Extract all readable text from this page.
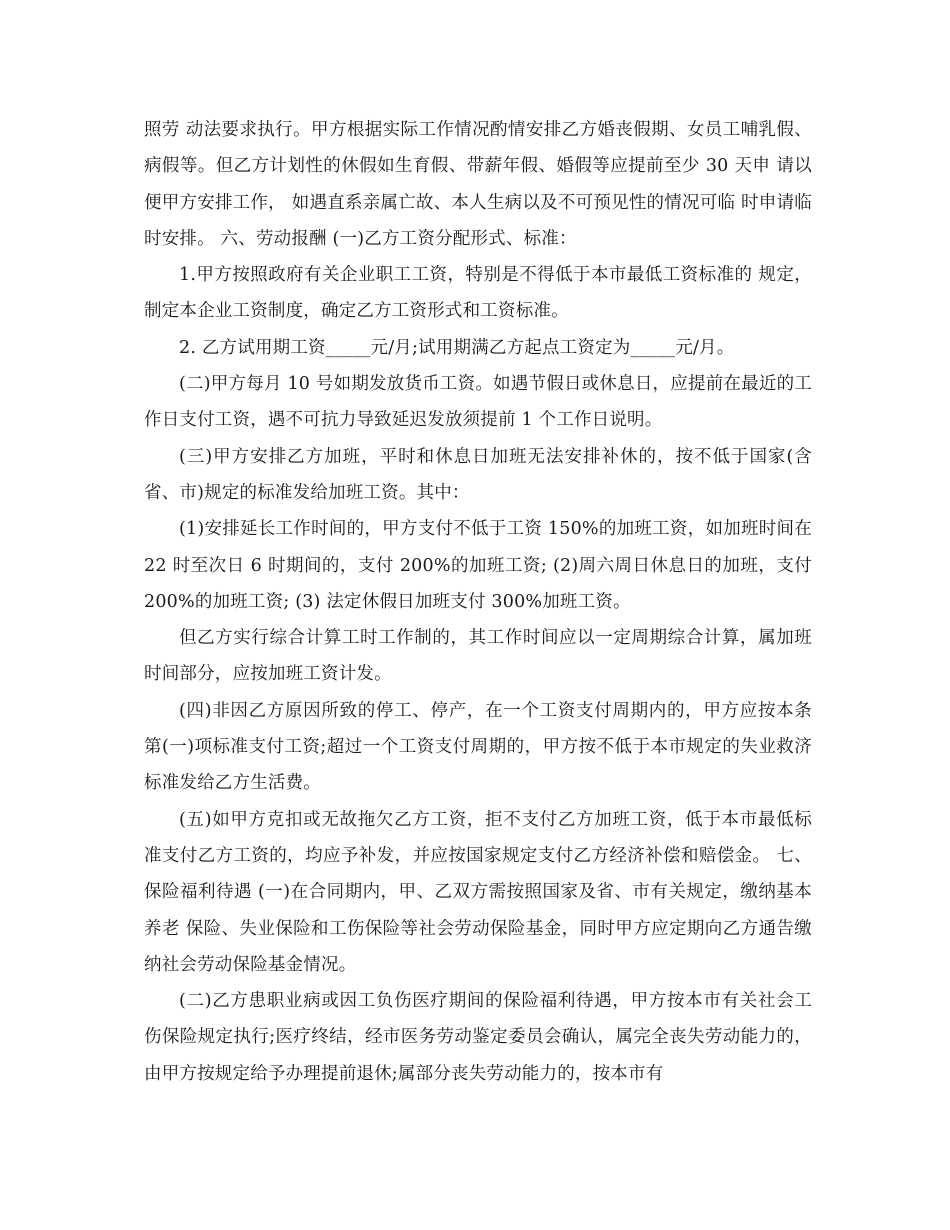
照劳 动法要求执行。甲方根据实际工作情况酌情安排乙方婚丧假期、女员工哺乳假、 病假等。但乙方计划性的休假如生育假、带薪年假、婚假等应提前至少 30 天申 请以便甲方安排工作， 如遇直系亲属亡故、本人生病以及不可预见性的情况可临 时申请临时安排。 六、劳动报酬 (一)乙方工资分配形式、标准：

1.甲方按照政府有关企业职工工资，特别是不得低于本市最低工资标准的 规定，制定本企业工资制度，确定乙方工资形式和工资标准。

2. 乙方试用期工资_____元/月;试用期满乙方起点工资定为_____元/月。

(二)甲方每月 10 号如期发放货币工资。如遇节假日或休息日，应提前在最近的工作日支付工资，遇不可抗力导致延迟发放须提前 1 个工作日说明。

(三)甲方安排乙方加班，平时和休息日加班无法安排补休的，按不低于国家(含省、市)规定的标准发给加班工资。其中：

(1)安排延长工作时间的，甲方支付不低于工资 150%的加班工资，如加班时间在 22 时至次日 6 时期间的，支付 200%的加班工资; (2)周六周日休息日的加班，支付 200%的加班工资; (3) 法定休假日加班支付 300%加班工资。

但乙方实行综合计算工时工作制的，其工作时间应以一定周期综合计算，属加班时间部分，应按加班工资计发。

(四)非因乙方原因所致的停工、停产，在一个工资支付周期内的，甲方应按本条第(一)项标准支付工资;超过一个工资支付周期的，甲方按不低于本市规定的失业救济标准发给乙方生活费。

(五)如甲方克扣或无故拖欠乙方工资，拒不支付乙方加班工资，低于本市最低标准支付乙方工资的，均应予补发，并应按国家规定支付乙方经济补偿和赔偿金。 七、保险福利待遇 (一)在合同期内，甲、乙双方需按照国家及省、市有关规定，缴纳基本养老 保险、失业保险和工伤保险等社会劳动保险基金，同时甲方应定期向乙方通告缴纳社会劳动保险基金情况。

(二)乙方患职业病或因工负伤医疗期间的保险福利待遇，甲方按本市有关社会工伤保险规定执行;医疗终结，经市医务劳动鉴定委员会确认，属完全丧失劳动能力的，由甲方按规定给予办理提前退休;属部分丧失劳动能力的，按本市有
